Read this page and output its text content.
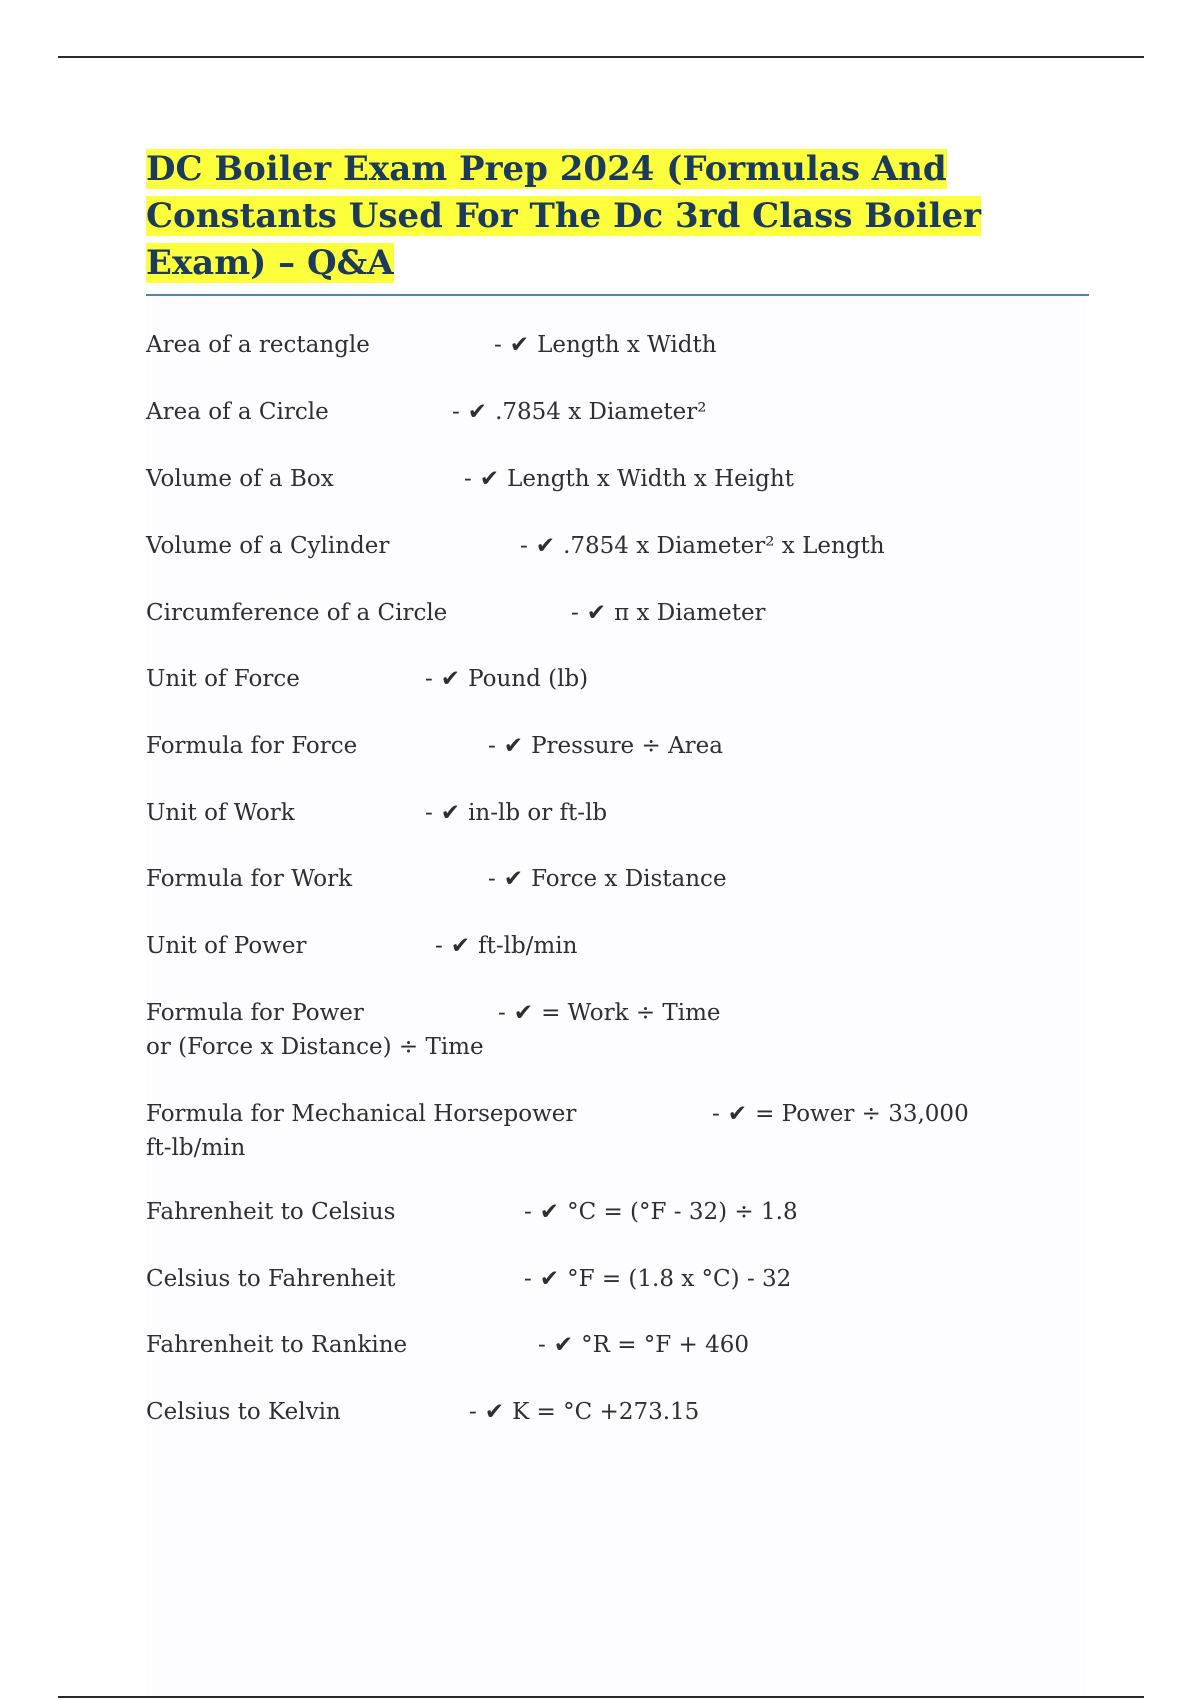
DC Boiler Exam Prep 2024 (Formulas And Constants Used For The Dc 3rd Class Boiler Exam) – Q&A
Area of a rectangle	- ✔ Length x Width
Area of a Circle	- ✔ .7854 x Diameter²
Volume of a Box	- ✔ Length x Width x Height
Volume of a Cylinder	- ✔ .7854 x Diameter² x Length
Circumference of a Circle	- ✔ π x Diameter
Unit of Force	- ✔ Pound (lb)
Formula for Force	- ✔ Pressure ÷ Area
Unit of Work	- ✔ in-lb or ft-lb
Formula for Work	- ✔ Force x Distance
Unit of Power	- ✔ ft-lb/min
Formula for Power	- ✔ = Work ÷ Time
or (Force x Distance) ÷ Time
Formula for Mechanical Horsepower	- ✔ = Power ÷ 33,000
ft-lb/min
Fahrenheit to Celsius	- ✔ °C = (°F - 32) ÷ 1.8
Celsius to Fahrenheit	- ✔ °F = (1.8 x °C) - 32
Fahrenheit to Rankine	- ✔ °R = °F + 460
Celsius to Kelvin	- ✔ K = °C +273.15
